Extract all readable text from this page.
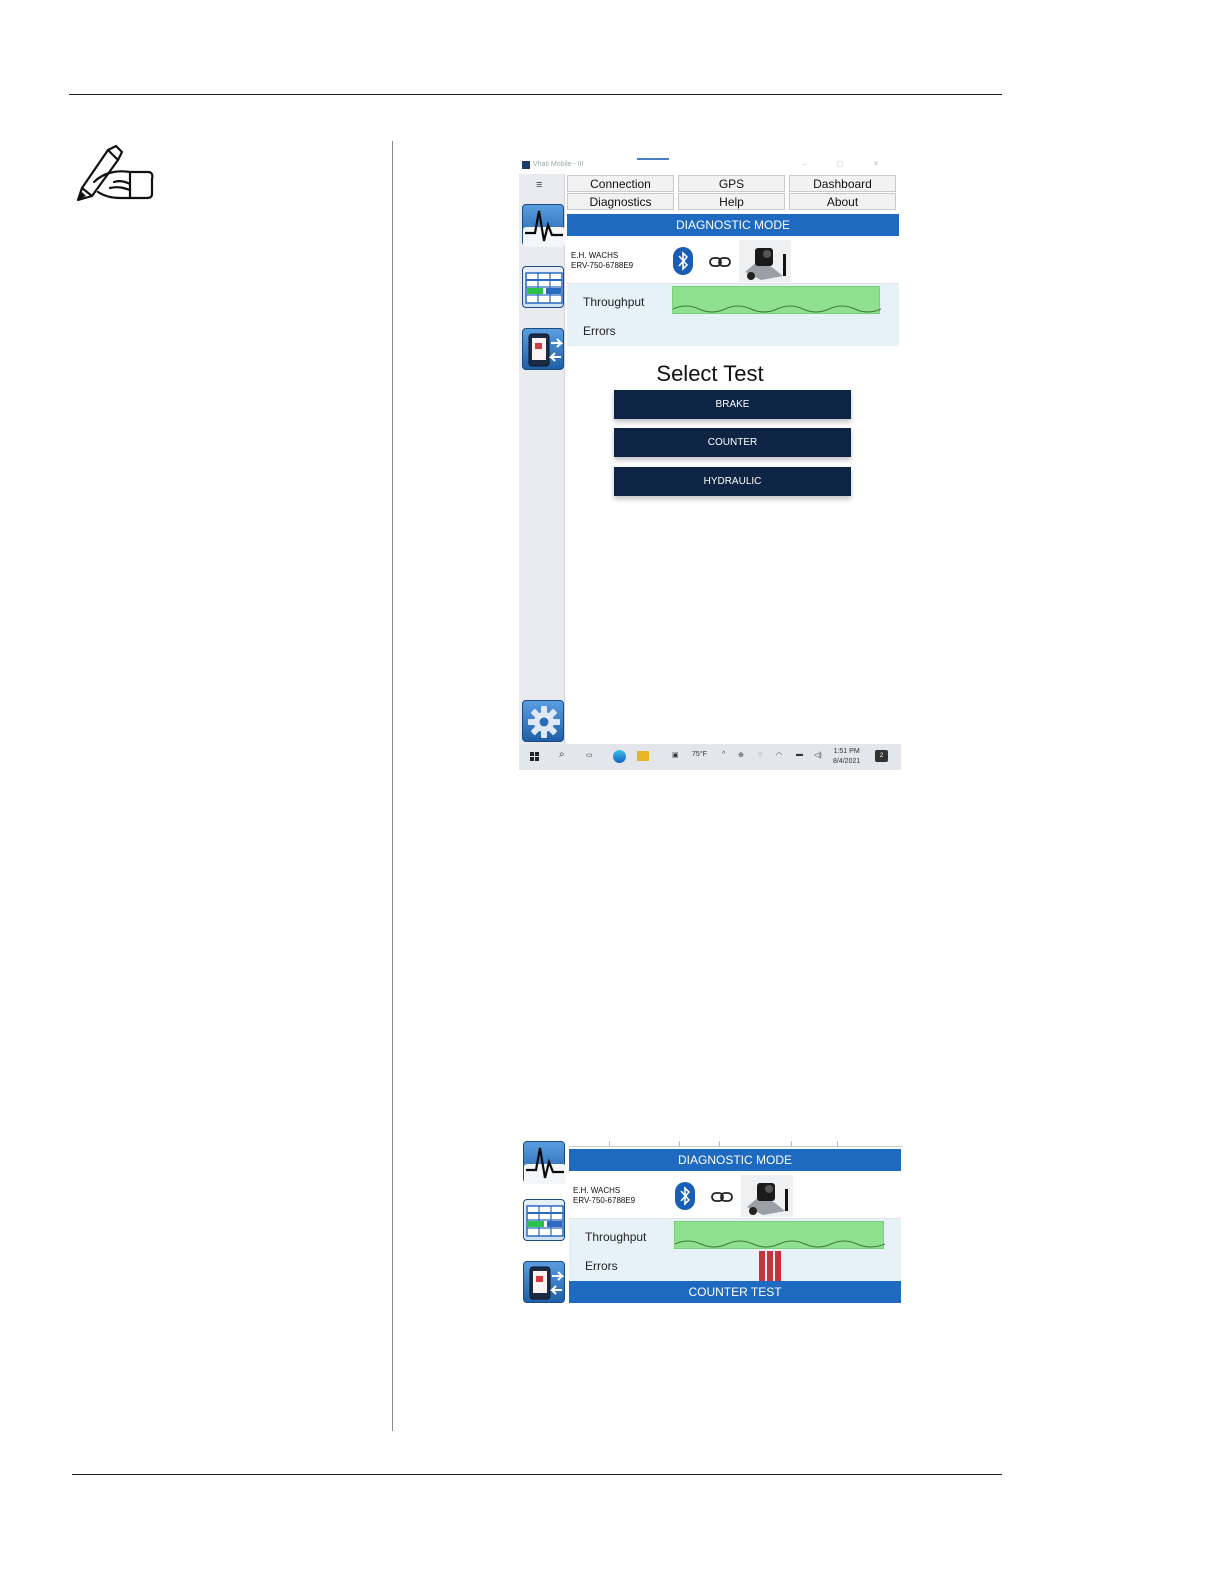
Vhati Mobile - III	– ▢ ✕
≡	Connection	GPS	Dashboard
Diagnostics	Help	About
DIAGNOSTIC MODE
E.H. WACHS
ERV-750-6788E9
Throughput
Errors
Select Test
BRAKE
COUNTER
HYDRAULIC
⌕	▭	▣ 75°F ^ ⊕ ◌ ◠ ▬ ◁)
1:51 PM
8/4/2021
2
DIAGNOSTIC MODE
E.H. WACHS
ERV-750-6788E9
Throughput
Errors
COUNTER TEST
